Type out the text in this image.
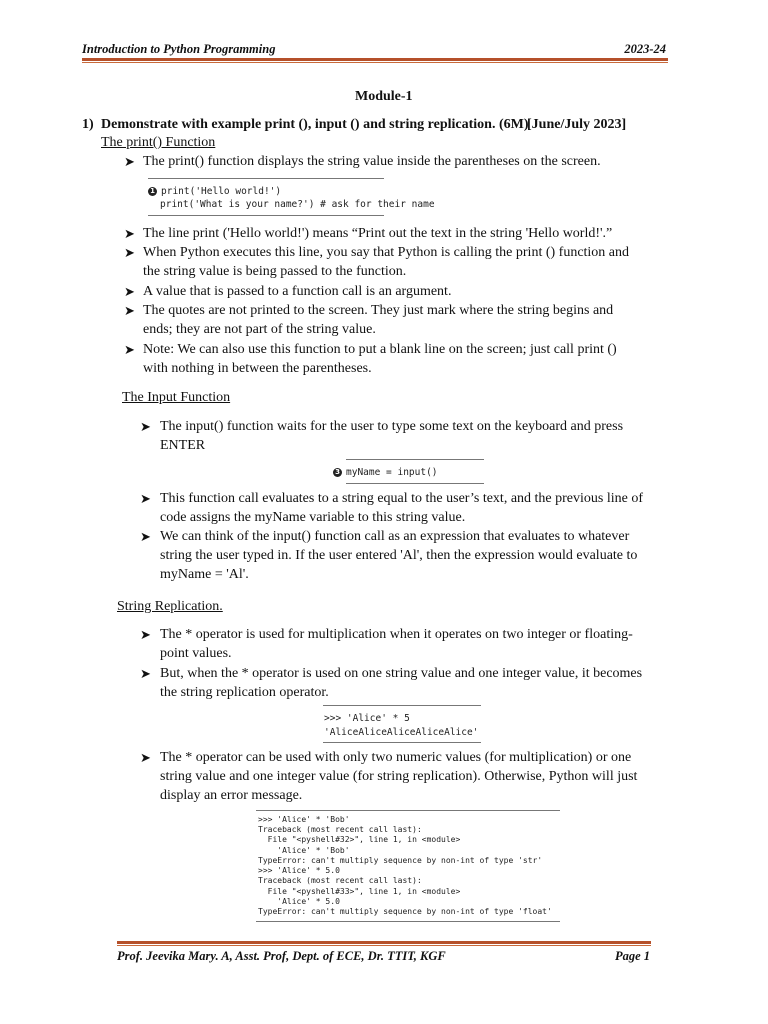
Introduction to Python Programming	2023-24
Module-1
1) Demonstrate with example print (), input () and string replication. (6M)
[June/July 2023]
The print() Function
➤ The print() function displays the string value inside the parentheses on the screen.
1 print('Hello world!')

print('What is your name?') # ask for their name
➤ The line print ('Hello world!') means “Print out the text in the string 'Hello world!'.”
➤ When Python executes this line, you say that Python is calling the print () function and
the string value is being passed to the function.
➤ A value that is passed to a function call is an argument.
➤ The quotes are not printed to the screen. They just mark where the string begins and
ends; they are not part of the string value.
➤ Note: We can also use this function to put a blank line on the screen; just call print ()
with nothing in between the parentheses.
The Input Function
➤ The input() function waits for the user to type some text on the keyboard and press
ENTER
3 myName = input()
➤ This function call evaluates to a string equal to the user’s text, and the previous line of
code assigns the myName variable to this string value.
➤ We can think of the input() function call as an expression that evaluates to whatever
string the user typed in. If the user entered 'Al', then the expression would evaluate to
myName = 'Al'.
String Replication.
➤ The * operator is used for multiplication when it operates on two integer or floating-
point values.
➤ But, when the * operator is used on one string value and one integer value, it becomes
the string replication operator.
>>> 'Alice' * 5
'AliceAliceAliceAliceAlice'
➤ The * operator can be used with only two numeric values (for multiplication) or one
string value and one integer value (for string replication). Otherwise, Python will just
display an error message.
>>> 'Alice' * 'Bob'
Traceback (most recent call last):
File "<pyshell#32>", line 1, in <module>
'Alice' * 'Bob'
TypeError: can't multiply sequence by non-int of type 'str'
>>> 'Alice' * 5.0
Traceback (most recent call last):
File "<pyshell#33>", line 1, in <module>
'Alice' * 5.0
TypeError: can't multiply sequence by non-int of type 'float'
Prof. Jeevika Mary. A, Asst. Prof, Dept. of ECE, Dr. TTIT, KGF	Page 1
